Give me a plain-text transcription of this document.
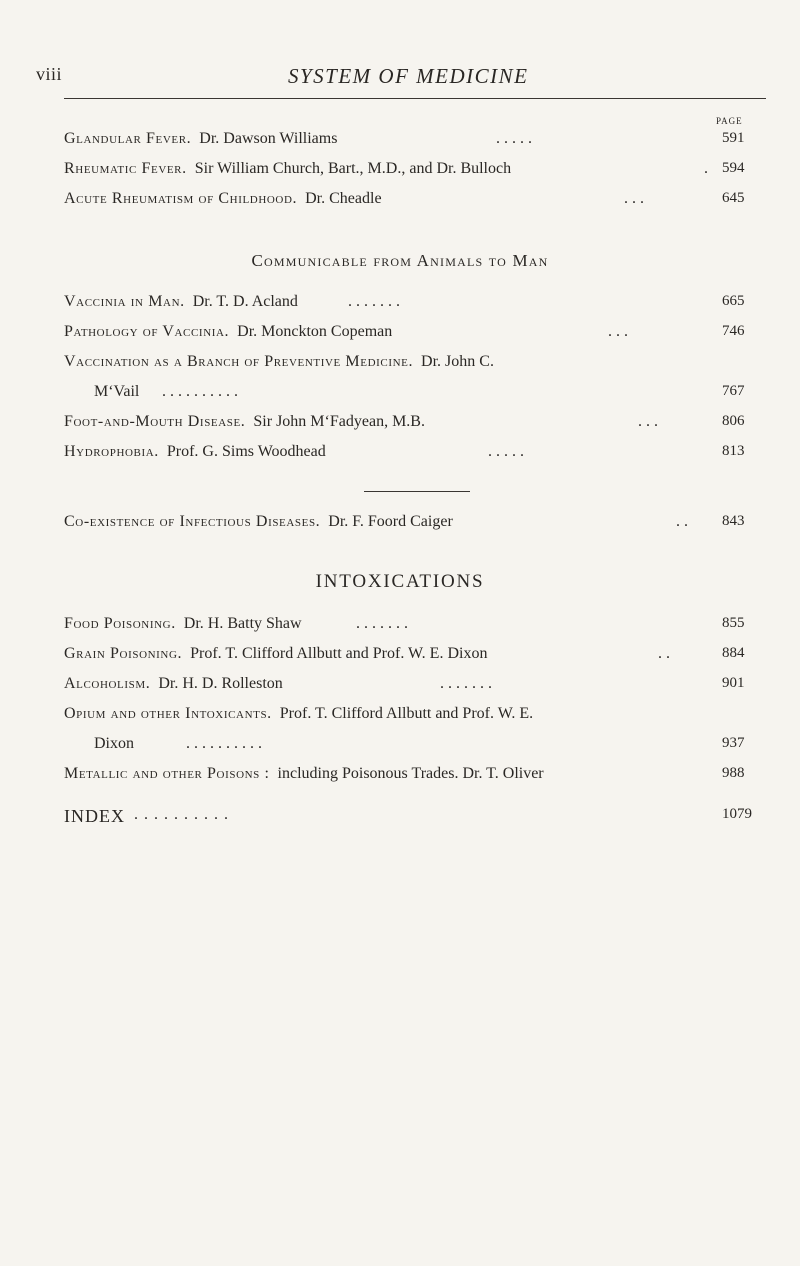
viii	SYSTEM OF MEDICINE
PAGE
Glandular Fever. Dr. Dawson Williams	. . . . .	591
Rheumatic Fever. Sir William Church, Bart., M.D., and Dr. Bulloch	. 594
Acute Rheumatism of Childhood. Dr. Cheadle	. . .	645
Communicable from Animals to Man
Vaccinia in Man. Dr. T. D. Acland	. . . . . . .	665
Pathology of Vaccinia. Dr. Monckton Copeman	. . .	746
Vaccination as a Branch of Preventive Medicine. Dr. John C.
M‘Vail . . . . . . . . . .	767
Foot-and-Mouth Disease. Sir John M‘Fadyean, M.B.	. . .	806
Hydrophobia. Prof. G. Sims Woodhead	. . . . .	813
Co-existence of Infectious Diseases. Dr. F. Foord Caiger	. . 843
INTOXICATIONS
Food Poisoning. Dr. H. Batty Shaw	. . . . . . .	855
Grain Poisoning. Prof. T. Clifford Allbutt and Prof. W. E. Dixon	. .	884
Alcoholism. Dr. H. D. Rolleston	. . . . . . .	901
Opium and other Intoxicants. Prof. T. Clifford Allbutt and Prof. W. E.
Dixon	. . . . . . . . . .	937
Metallic and other Poisons : including Poisonous Trades. Dr. T. Oliver	988
INDEX . . . . . . . . . .	1079
